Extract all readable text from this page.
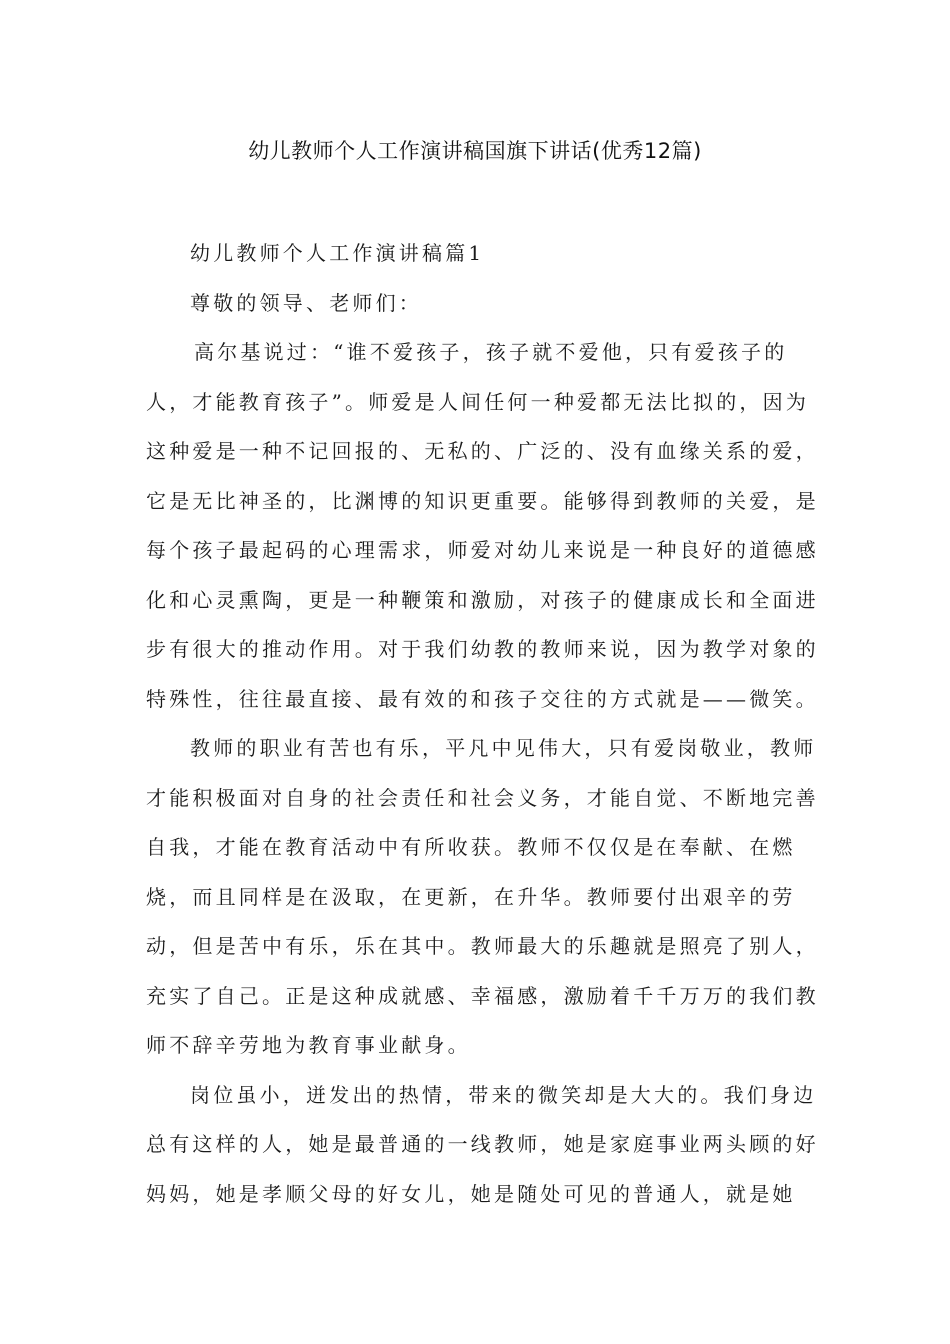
幼儿教师个人工作演讲稿国旗下讲话(优秀12篇)
幼儿教师个人工作演讲稿篇1
尊敬的领导、老师们：
高尔基说过：“谁不爱孩子，孩子就不爱他，只有爱孩子的
人，才能教育孩子”。师爱是人间任何一种爱都无法比拟的，因为
这种爱是一种不记回报的、无私的、广泛的、没有血缘关系的爱，
它是无比神圣的，比渊博的知识更重要。能够得到教师的关爱，是
每个孩子最起码的心理需求，师爱对幼儿来说是一种良好的道德感
化和心灵熏陶，更是一种鞭策和激励，对孩子的健康成长和全面进
步有很大的推动作用。对于我们幼教的教师来说，因为教学对象的
特殊性，往往最直接、最有效的和孩子交往的方式就是——微笑。
教师的职业有苦也有乐，平凡中见伟大，只有爱岗敬业，教师
才能积极面对自身的社会责任和社会义务，才能自觉、不断地完善
自我，才能在教育活动中有所收获。教师不仅仅是在奉献、在燃
烧，而且同样是在汲取，在更新，在升华。教师要付出艰辛的劳
动，但是苦中有乐，乐在其中。教师最大的乐趣就是照亮了别人，
充实了自己。正是这种成就感、幸福感，激励着千千万万的我们教
师不辞辛劳地为教育事业献身。
岗位虽小，迸发出的热情，带来的微笑却是大大的。我们身边
总有这样的人，她是最普通的一线教师，她是家庭事业两头顾的好
妈妈，她是孝顺父母的好女儿，她是随处可见的普通人，就是她
